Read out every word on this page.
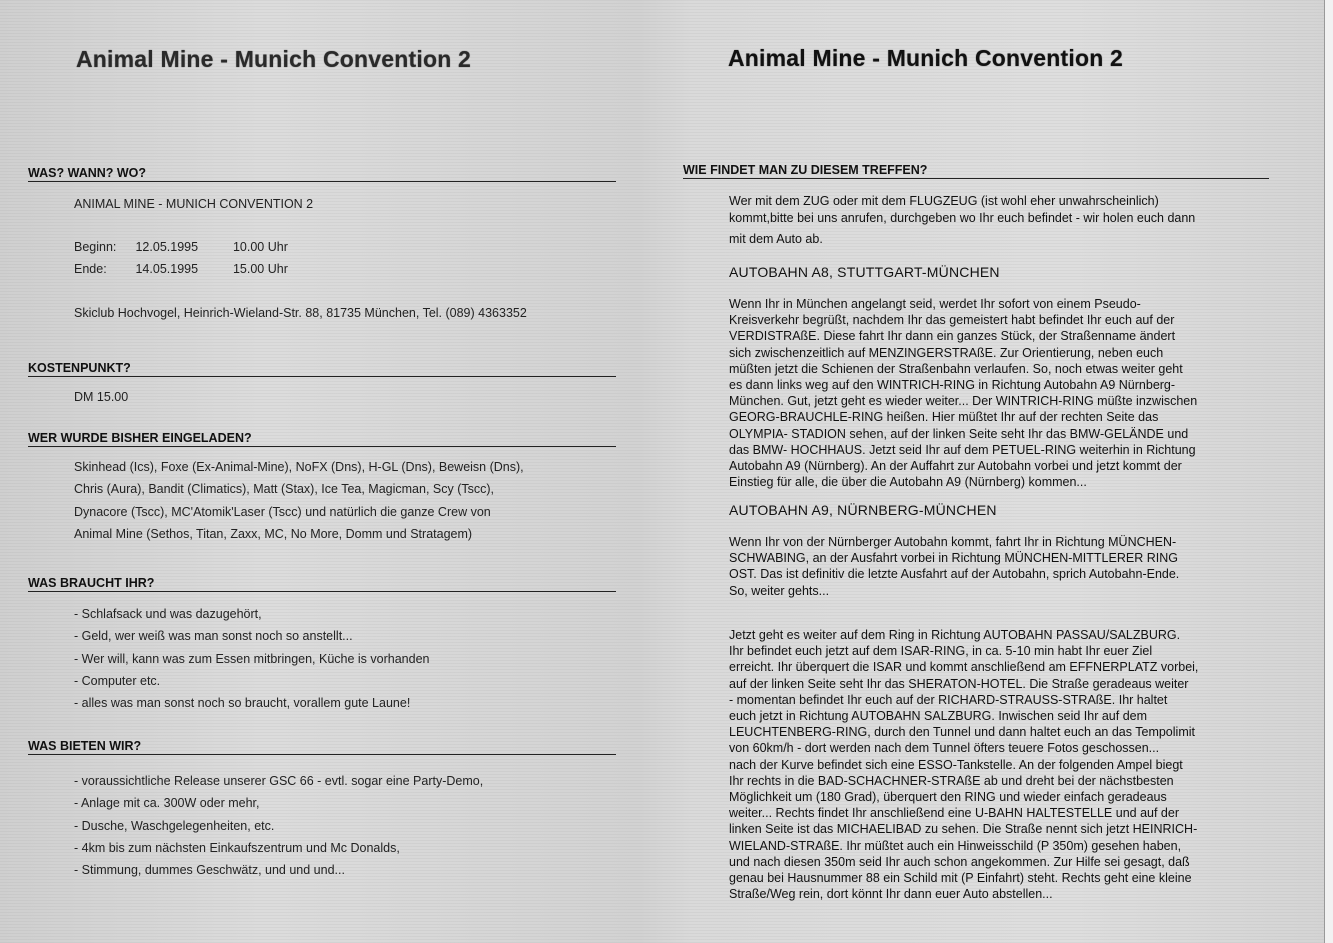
Animal Mine - Munich Convention 2
WAS? WANN? WO?
ANIMAL MINE - MUNICH CONVENTION 2
Beginn: 12.05.1995	10.00 Uhr
Ende: 14.05.1995	15.00 Uhr
Skiclub Hochvogel, Heinrich-Wieland-Str. 88, 81735 München, Tel. (089) 4363352
KOSTENPUNKT?
DM 15.00
WER WURDE BISHER EINGELADEN?
Skinhead (Ics), Foxe (Ex-Animal-Mine), NoFX (Dns), H-GL (Dns), Beweisn (Dns),
Chris (Aura), Bandit (Climatics), Matt (Stax), Ice Tea, Magicman, Scy (Tscc),
Dynacore (Tscc), MC'Atomik'Laser (Tscc) und natürlich die ganze Crew von
Animal Mine (Sethos, Titan, Zaxx, MC, No More, Domm und Stratagem)
WAS BRAUCHT IHR?
- Schlafsack und was dazugehört,
- Geld, wer weiß was man sonst noch so anstellt...
- Wer will, kann was zum Essen mitbringen, Küche is vorhanden
- Computer etc.
- alles was man sonst noch so braucht, vorallem gute Laune!
WAS BIETEN WIR?
- voraussichtliche Release unserer GSC 66 - evtl. sogar eine Party-Demo,
- Anlage mit ca. 300W oder mehr,
- Dusche, Waschgelegenheiten, etc.
- 4km bis zum nächsten Einkaufszentrum und Mc Donalds,
- Stimmung, dummes Geschwätz, und und und...
Animal Mine - Munich Convention 2
WIE FINDET MAN ZU DIESEM TREFFEN?
Wer mit dem ZUG oder mit dem FLUGZEUG (ist wohl eher unwahrscheinlich)
kommt,bitte bei uns anrufen, durchgeben wo Ihr euch befindet - wir holen euch dann
mit dem Auto ab.
AUTOBAHN A8, STUTTGART-MÜNCHEN
Wenn Ihr in München angelangt seid, werdet Ihr sofort von einem Pseudo-
Kreisverkehr begrüßt, nachdem Ihr das gemeistert habt befindet Ihr euch auf der
VERDISTRAßE. Diese fahrt Ihr dann ein ganzes Stück, der Straßenname ändert
sich zwischenzeitlich auf MENZINGERSTRAßE. Zur Orientierung, neben euch
müßten jetzt die Schienen der Straßenbahn verlaufen. So, noch etwas weiter geht
es dann links weg auf den WINTRICH-RING in Richtung Autobahn A9 Nürnberg-
München. Gut, jetzt geht es wieder weiter... Der WINTRICH-RING müßte inzwischen
GEORG-BRAUCHLE-RING heißen. Hier müßtet Ihr auf der rechten Seite das
OLYMPIA- STADION sehen, auf der linken Seite seht Ihr das BMW-GELÄNDE und
das BMW- HOCHHAUS. Jetzt seid Ihr auf dem PETUEL-RING weiterhin in Richtung
Autobahn A9 (Nürnberg). An der Auffahrt zur Autobahn vorbei und jetzt kommt der
Einstieg für alle, die über die Autobahn A9 (Nürnberg) kommen...
AUTOBAHN A9, NÜRNBERG-MÜNCHEN
Wenn Ihr von der Nürnberger Autobahn kommt, fahrt Ihr in Richtung MÜNCHEN-
SCHWABING, an der Ausfahrt vorbei in Richtung MÜNCHEN-MITTLERER RING
OST. Das ist definitiv die letzte Ausfahrt auf der Autobahn, sprich Autobahn-Ende.
So, weiter gehts...
Jetzt geht es weiter auf dem Ring in Richtung AUTOBAHN PASSAU/SALZBURG.
Ihr befindet euch jetzt auf dem ISAR-RING, in ca. 5-10 min habt Ihr euer Ziel
erreicht. Ihr überquert die ISAR und kommt anschließend am EFFNERPLATZ vorbei,
auf der linken Seite seht Ihr das SHERATON-HOTEL. Die Straße geradeaus weiter
- momentan befindet Ihr euch auf der RICHARD-STRAUSS-STRAßE. Ihr haltet
euch jetzt in Richtung AUTOBAHN SALZBURG. Inwischen seid Ihr auf dem
LEUCHTENBERG-RING, durch den Tunnel und dann haltet euch an das Tempolimit
von 60km/h - dort werden nach dem Tunnel öfters teuere Fotos geschossen...
nach der Kurve befindet sich eine ESSO-Tankstelle. An der folgenden Ampel biegt
Ihr rechts in die BAD-SCHACHNER-STRAßE ab und dreht bei der nächstbesten
Möglichkeit um (180 Grad), überquert den RING und wieder einfach geradeaus
weiter... Rechts findet Ihr anschließend eine U-BAHN HALTESTELLE und auf der
linken Seite ist das MICHAELIBAD zu sehen. Die Straße nennt sich jetzt HEINRICH-
WIELAND-STRAßE. Ihr müßtet auch ein Hinweisschild (P 350m) gesehen haben,
und nach diesen 350m seid Ihr auch schon angekommen. Zur Hilfe sei gesagt, daß
genau bei Hausnummer 88 ein Schild mit (P Einfahrt) steht. Rechts geht eine kleine
Straße/Weg rein, dort könnt Ihr dann euer Auto abstellen...
